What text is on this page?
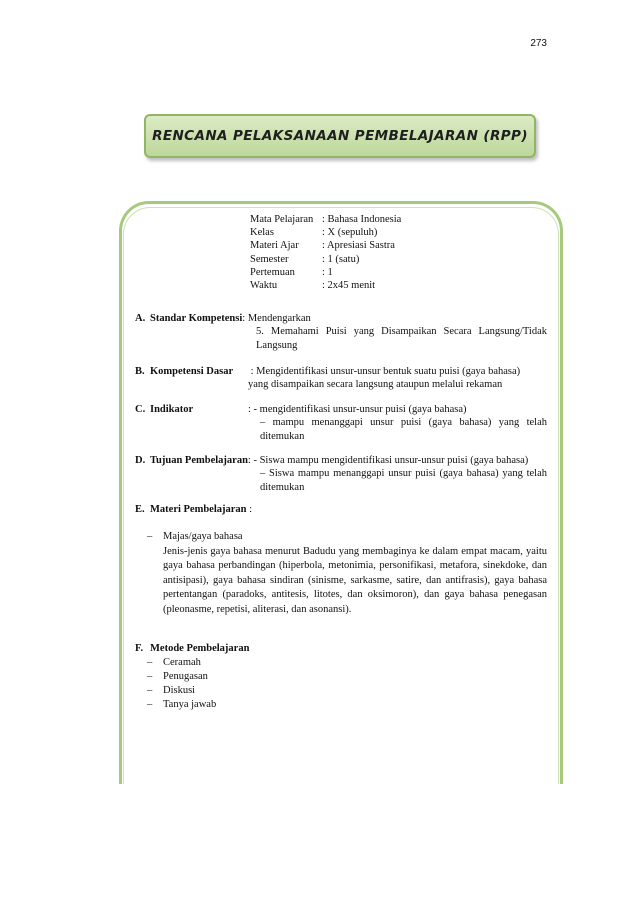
273
RENCANA PELAKSANAAN PEMBELAJARAN (RPP)
Mata Pelajaran : Bahasa Indonesia
Kelas	: X (sepuluh)
Materi Ajar	: Apresiasi Sastra
Semester	: 1 (satu)
Pertemuan	: 1
Waktu	: 2x45 menit
A. Standar Kompetensi : Mendengarkan
5. Memahami Puisi yang Disampaikan Secara Langsung/Tidak Langsung
B. Kompetensi Dasar	: Mengidentifikasi unsur-unsur bentuk suatu puisi (gaya bahasa)
yang disampaikan secara langsung ataupun melalui rekaman
C. Indikator	: - mengidentifikasi unsur-unsur puisi (gaya bahasa)
– mampu menanggapi unsur puisi (gaya bahasa) yang telah ditemukan
D. Tujuan Pembelajaran : - Siswa mampu mengidentifikasi unsur-unsur puisi (gaya bahasa)
– Siswa mampu menanggapi unsur puisi (gaya bahasa) yang telah ditemukan
E. Materi Pembelajaran :
–	Majas/gaya bahasa
Jenis-jenis gaya bahasa menurut Badudu yang membaginya ke dalam empat macam, yaitu gaya bahasa perbandingan (hiperbola, metonimia, personifikasi, metafora, sinekdoke, dan antisipasi), gaya bahasa sindiran (sinisme, sarkasme, satire, dan antifrasis), gaya bahasa pertentangan (paradoks, antitesis, litotes, dan oksimoron), dan gaya bahasa penegasan (pleonasme, repetisi, aliterasi, dan asonansi).
F. Metode Pembelajaran
–	Ceramah
–	Penugasan
–	Diskusi
–	Tanya jawab
